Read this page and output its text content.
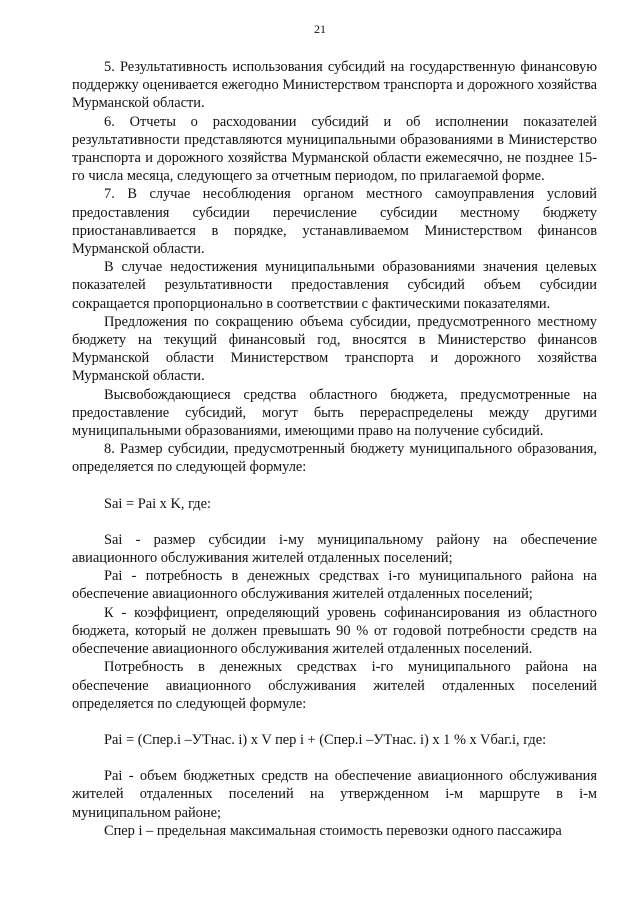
21

5. Результативность использования субсидий на государственную финансовую поддержку оценивается ежегодно Министерством транспорта и дорожного хозяйства Мурманской области.

6. Отчеты о расходовании субсидий и об исполнении показателей результативности представляются муниципальными образованиями в Министерство транспорта и дорожного хозяйства Мурманской области ежемесячно, не позднее 15-го числа месяца, следующего за отчетным периодом, по прилагаемой форме.

7. В случае несоблюдения органом местного самоуправления условий предоставления субсидии перечисление субсидии местному бюджету приостанавливается в порядке, устанавливаемом Министерством финансов Мурманской области.

В случае недостижения муниципальными образованиями значения целевых показателей результативности предоставления субсидий объем субсидии сокращается пропорционально в соответствии с фактическими показателями.

Предложения по сокращению объема субсидии, предусмотренного местному бюджету на текущий финансовый год, вносятся в Министерство финансов Мурманской области Министерством транспорта и дорожного хозяйства Мурманской области.

Высвобождающиеся средства областного бюджета, предусмотренные на предоставление субсидий, могут быть перераспределены между другими муниципальными образованиями, имеющими право на получение субсидий.

8. Размер субсидии, предусмотренный бюджету муниципального образования, определяется по следующей формуле:

Sai = Pai x K, где:

Sai - размер субсидии i-му муниципальному району на обеспечение авиационного обслуживания жителей отдаленных поселений;

Pai - потребность в денежных средствах i-го муниципального района на обеспечение авиационного обслуживания жителей отдаленных поселений;

К - коэффициент, определяющий уровень софинансирования из областного бюджета, который не должен превышать 90 % от годовой потребности средств на обеспечение авиационного обслуживания жителей отдаленных поселений.

Потребность в денежных средствах i-го муниципального района на обеспечение авиационного обслуживания жителей отдаленных поселений определяется по следующей формуле:

Pai = (Спер.i –УТнас. i) x V пер i + (Спер.i –УТнас. i) x 1 % x Vбаг.i, где:

Pai - объем бюджетных средств на обеспечение авиационного обслуживания жителей отдаленных поселений на утвержденном i-м маршруте в i-м муниципальном районе;

Спер i – предельная максимальная стоимость перевозки одного пассажира
